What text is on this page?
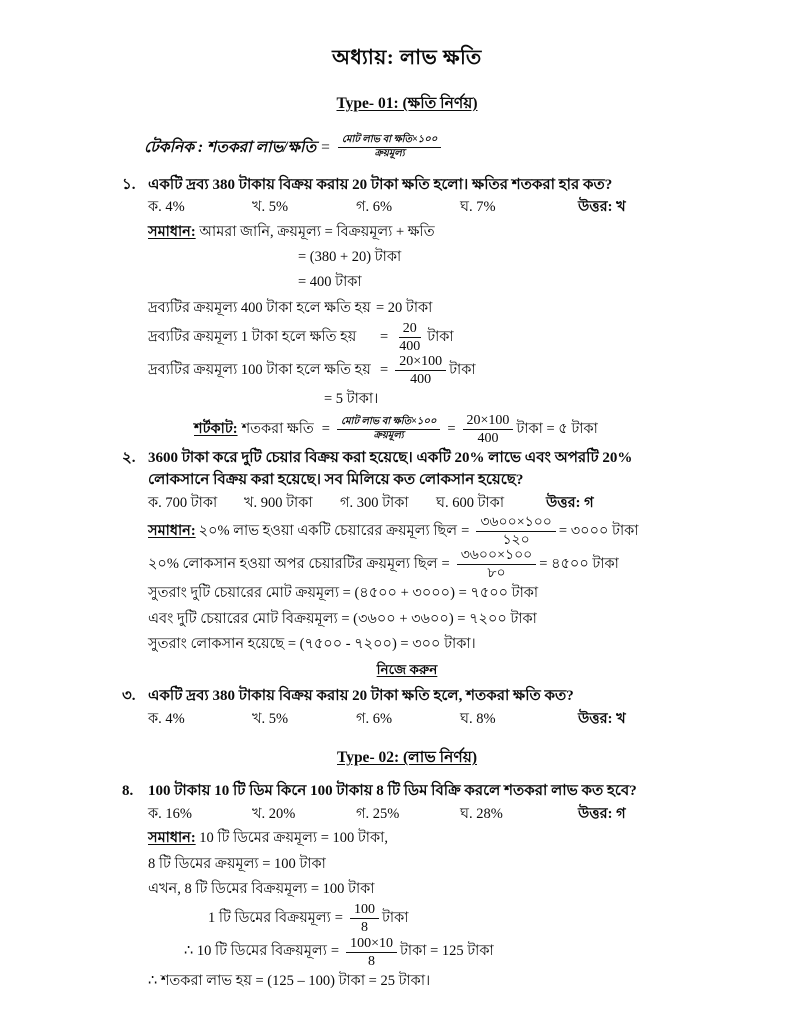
অধ্যায়: লাভ ক্ষতি
Type- 01: (ক্ষতি নির্ণয়)
টেকনিক : শতকরা লাভ/ক্ষতি = $\frac{\text{মোট লাভ বা ক্ষতি×১০০}}{\text{ক্রয়মূল্য}}$
১. একটি দ্রব্য 380 টাকায় বিক্রয় করায় 20 টাকা ক্ষতি হলো। ক্ষতির শতকরা হার কত?
ক. 4%	খ. 5%	গ. 6%	ঘ. 7%	উত্তর: খ
সমাধান: আমরা জানি, ক্রয়মূল্য = বিক্রয়মূল্য + ক্ষতি
= (380 + 20) টাকা
= 400 টাকা
দ্রব্যটির ক্রয়মূল্য 400 টাকা হলে ক্ষতি হয় = 20 টাকা
দ্রব্যটির ক্রয়মূল্য 1 টাকা হলে ক্ষতি হয়	= $\frac{20}{400}$ টাকা
দ্রব্যটির ক্রয়মূল্য 100 টাকা হলে ক্ষতি হয় = $\frac{20\times 100}{400}$ টাকা
= 5 টাকা।
শর্টকাট: শতকরা ক্ষতি = $\frac{\text{মোট লাভ বা ক্ষতি×১০০}}{\text{ক্রয়মূল্য}} = \frac{20\times 100}{400}$ টাকা = ৫ টাকা
২. 3600 টাকা করে দুটি চেয়ার বিক্রয় করা হয়েছে। একটি 20% লাভে এবং অপরটি 20%
লোকসানে বিক্রয় করা হয়েছে। সব মিলিয়ে কত লোকসান হয়েছে?
ক. 700 টাকা	খ. 900 টাকা	গ. 300 টাকা	ঘ. 600 টাকা	উত্তর: গ
সমাধান: ২০% লাভ হওয়া একটি চেয়ারের ক্রয়মূল্য ছিল = $\frac{৩৬০০\times ১০০}{১২০}$ = ৩০০০ টাকা
২০% লোকসান হওয়া অপর চেয়ারটির ক্রয়মূল্য ছিল = $\frac{৩৬০০\times ১০০}{৮০}$ = ৪৫০০ টাকা
সুতরাং দুটি চেয়ারের মোট ক্রয়মূল্য = (৪৫০০ + ৩০০০) = ৭৫০০ টাকা
এবং দুটি চেয়ারের মোট বিক্রয়মূল্য = (৩৬০০ + ৩৬০০) = ৭২০০ টাকা
সুতরাং লোকসান হয়েছে = (৭৫০০ - ৭২০০) = ৩০০ টাকা।
নিজে করুন
৩. একটি দ্রব্য 380 টাকায় বিক্রয় করায় 20 টাকা ক্ষতি হলে, শতকরা ক্ষতি কত?
ক. 4%	খ. 5%	গ. 6%	ঘ. 8%	উত্তর: খ
Type- 02: (লাভ নির্ণয়)
8. 100 টাকায় 10 টি ডিম কিনে 100 টাকায় 8 টি ডিম বিক্রি করলে শতকরা লাভ কত হবে?
ক. 16%	খ. 20%	গ. 25%	ঘ. 28%	উত্তর: গ
সমাধান: 10 টি ডিমের ক্রয়মূল্য = 100 টাকা,
8 টি ডিমের ক্রয়মূল্য = 100 টাকা
এখন, 8 টি ডিমের বিক্রয়মূল্য = 100 টাকা
1 টি ডিমের বিক্রয়মূল্য = $\frac{100}{8}$ টাকা
∴ 10 টি ডিমের বিক্রয়মূল্য = $\frac{100\times 10}{8}$ টাকা = 125 টাকা
∴ শতকরা লাভ হয় = (125 – 100) টাকা = 25 টাকা।
